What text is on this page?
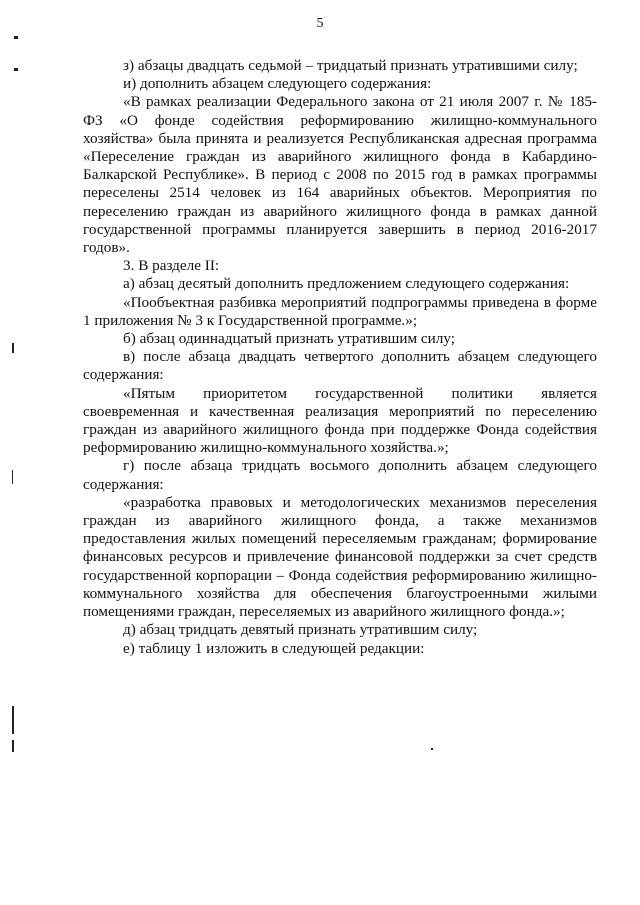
5

з) абзацы двадцать седьмой – тридцатый признать утратившими силу;

и) дополнить абзацем следующего содержания:

«В рамках реализации Федерального закона от 21 июля 2007 г. № 185-ФЗ «О фонде содействия реформированию жилищно-коммунального хозяйства» была принята и реализуется Республиканская адресная программа «Переселение граждан из аварийного жилищного фонда в Кабардино-Балкарской Республике». В период с 2008 по 2015 год в рамках программы переселены 2514 человек из 164 аварийных объектов. Мероприятия по переселению граждан из аварийного жилищного фонда в рамках данной государственной программы планируется завершить в период 2016-2017 годов».

3. В разделе II:

а) абзац десятый дополнить предложением следующего содержания:

«Пообъектная разбивка мероприятий подпрограммы приведена в форме 1 приложения № 3 к Государственной программе.»;

б) абзац одиннадцатый признать утратившим силу;

в) после абзаца двадцать четвертого дополнить абзацем следующего содержания:

«Пятым приоритетом государственной политики является своевременная и качественная реализация мероприятий по переселению граждан из аварийного жилищного фонда при поддержке Фонда содействия реформированию жилищно-коммунального хозяйства.»;

г) после абзаца тридцать восьмого дополнить абзацем следующего содержания:

«разработка правовых и методологических механизмов переселения граждан из аварийного жилищного фонда, а также механизмов предоставления жилых помещений переселяемым гражданам; формирование финансовых ресурсов и привлечение финансовой поддержки за счет средств государственной корпорации – Фонда содействия реформированию жилищно-коммунального хозяйства для обеспечения благоустроенными жилыми помещениями граждан, переселяемых из аварийного жилищного фонда.»;

д) абзац тридцать девятый признать утратившим силу;

е) таблицу 1 изложить в следующей редакции:
